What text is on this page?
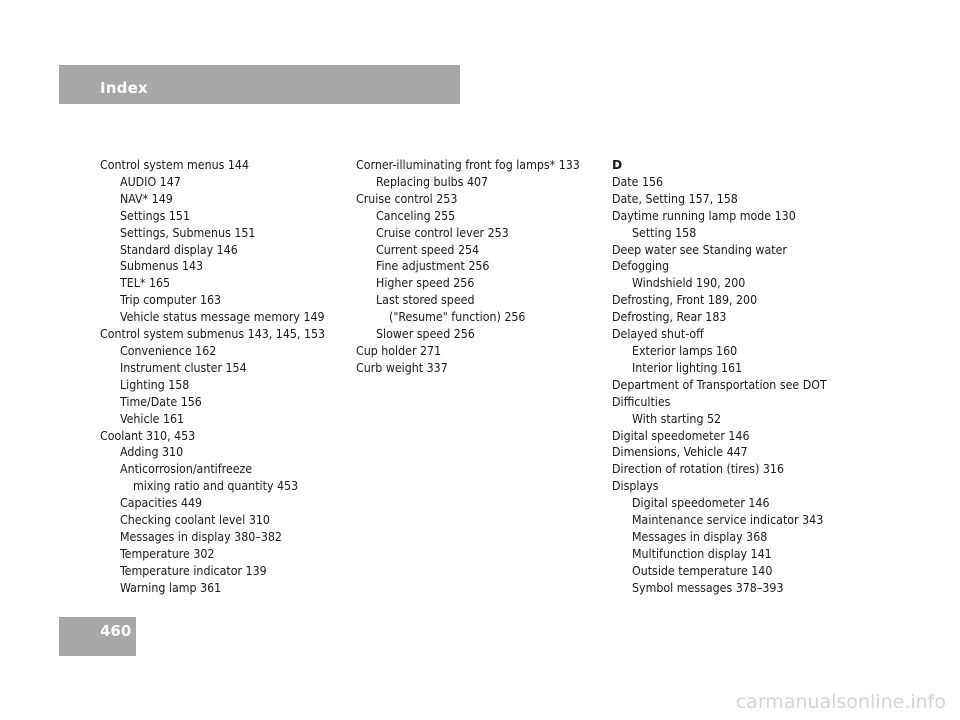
Index
Control system menus 144
AUDIO 147
NAV* 149
Settings 151
Settings, Submenus 151
Standard display 146
Submenus 143
TEL* 165
Trip computer 163
Vehicle status message memory 149
Control system submenus 143, 145, 153
Convenience 162
Instrument cluster 154
Lighting 158
Time/Date 156
Vehicle 161
Coolant 310, 453
Adding 310
Anticorrosion/antifreeze
mixing ratio and quantity 453
Capacities 449
Checking coolant level 310
Messages in display 380–382
Temperature 302
Temperature indicator 139
Warning lamp 361
Corner-illuminating front fog lamps* 133
Replacing bulbs 407
Cruise control 253
Canceling 255
Cruise control lever 253
Current speed 254
Fine adjustment 256
Higher speed 256
Last stored speed
("Resume" function) 256
Slower speed 256
Cup holder 271
Curb weight 337
D
Date 156
Date, Setting 157, 158
Daytime running lamp mode 130
Setting 158
Deep water see Standing water
Defogging
Windshield 190, 200
Defrosting, Front 189, 200
Defrosting, Rear 183
Delayed shut-off
Exterior lamps 160
Interior lighting 161
Department of Transportation see DOT
Difficulties
With starting 52
Digital speedometer 146
Dimensions, Vehicle 447
Direction of rotation (tires) 316
Displays
Digital speedometer 146
Maintenance service indicator 343
Messages in display 368
Multifunction display 141
Outside temperature 140
Symbol messages 378–393
460
carmanualsonline.info
